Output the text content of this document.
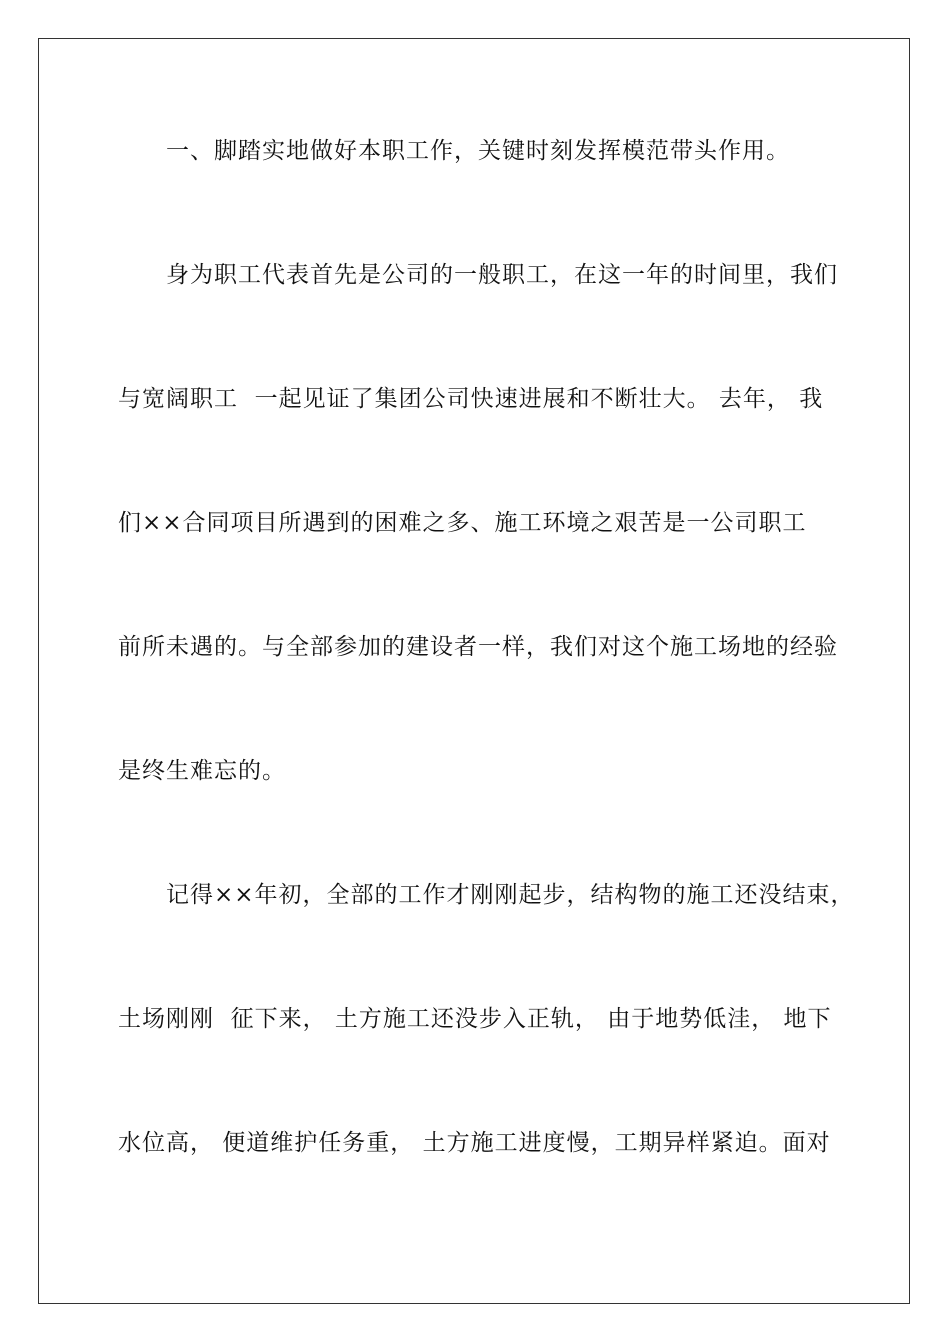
一、脚踏实地做好本职工作，关键时刻发挥模范带头作用。
身为职工代表首先是公司的一般职工，在这一年的时间里，我们
与宽阔职工  一起见证了集团公司快速进展和不断壮大。 去年， 我
们××合同项目所遇到的困难之多、施工环境之艰苦是一公司职工
前所未遇的。与全部参加的建设者一样，我们对这个施工场地的经验
是终生难忘的。
记得××年初，全部的工作才刚刚起步，结构物的施工还没结束，
土场刚刚  征下来， 土方施工还没步入正轨， 由于地势低洼， 地下
水位高， 便道维护任务重， 土方施工进度慢，工期异样紧迫。面对
